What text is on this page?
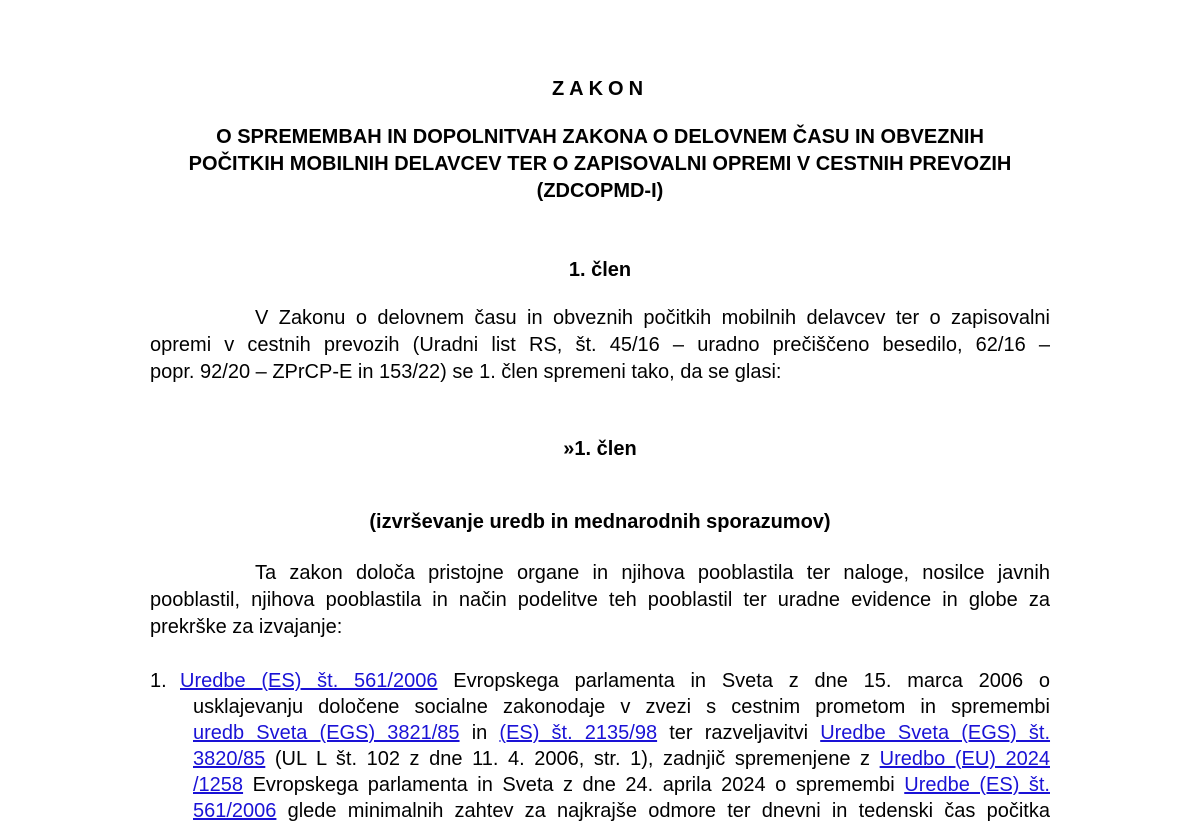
ZAKON
O SPREMEMBAH IN DOPOLNITVAH ZAKONA O DELOVNEM ČASU IN OBVEZNIH
POČITKIH MOBILNIH DELAVCEV TER O ZAPISOVALNI OPREMI V CESTNIH PREVOZIH
(ZDCOPMD-I)
1. člen
V Zakonu o delovnem času in obveznih počitkih mobilnih delavcev ter o zapisovalni
opremi v cestnih prevozih (Uradni list RS, št. 45/16 – uradno prečiščeno besedilo, 62/16 –
popr. 92/20 – ZPrCP-E in 153/22) se 1. člen spremeni tako, da se glasi:
»1. člen
(izvrševanje uredb in mednarodnih sporazumov)
Ta zakon določa pristojne organe in njihova pooblastila ter naloge, nosilce javnih
pooblastil, njihova pooblastila in način podelitve teh pooblastil ter uradne evidence in globe za
prekrške za izvajanje:
1. Uredbe (ES) št. 561/2006 Evropskega parlamenta in Sveta z dne 15. marca 2006 o
usklajevanju določene socialne zakonodaje v zvezi s cestnim prometom in spremembi
uredb Sveta (EGS) 3821/85 in (ES) št. 2135/98 ter razveljavitvi Uredbe Sveta (EGS) št.
3820/85 (UL L št. 102 z dne 11. 4. 2006, str. 1), zadnjič spremenjene z Uredbo (EU) 2024
/1258 Evropskega parlamenta in Sveta z dne 24. aprila 2024 o spremembi Uredbe (ES) št.
561/2006 glede minimalnih zahtev za najkrajše odmore ter dnevni in tedenski čas počitka
